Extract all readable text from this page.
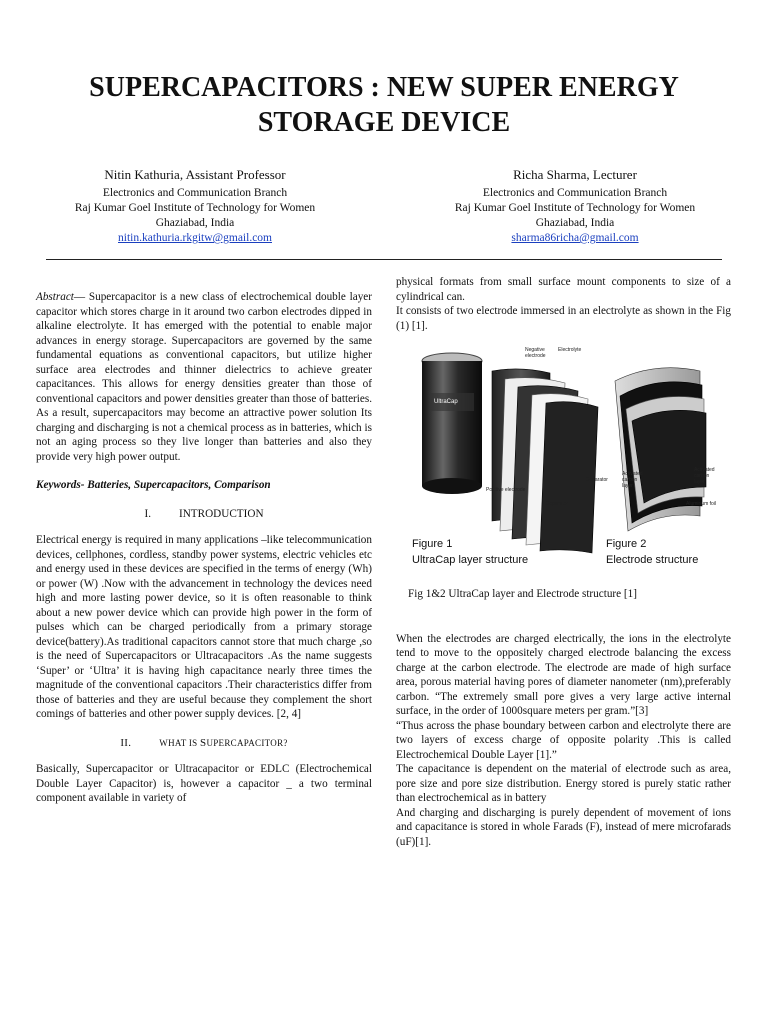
SUPERCAPACITORS : NEW SUPER ENERGY STORAGE DEVICE
Nitin Kathuria, Assistant Professor
Electronics and Communication Branch
Raj Kumar Goel Institute of Technology for Women
Ghaziabad, India
nitin.kathuria.rkgitw@gmail.com
Richa Sharma, Lecturer
Electronics and Communication Branch
Raj Kumar Goel Institute of Technology for Women
Ghaziabad, India
sharma86richa@gmail.com

Abstract— Supercapacitor is a new class of electrochemical double layer capacitor which stores charge in it around two carbon electrodes dipped in alkaline electrolyte. It has emerged with the potential to enable major advances in energy storage. Supercapacitors are governed by the same fundamental equations as conventional capacitors, but utilize higher surface area electrodes and thinner dielectrics to achieve greater capacitances. This allows for energy densities greater than those of conventional capacitors and power densities greater than those of batteries. As a result, supercapacitors may become an attractive power solution Its charging and discharging is not a chemical process as in batteries, which is not an aging process so they live longer than batteries and also they provide very high power output.

Keywords- Batteries, Supercapacitors, Comparison

I.	INTRODUCTION

Electrical energy is required in many applications –like telecommunication devices, cellphones, cordless, standby power systems, electric vehicles etc and energy used in these devices are specified in the terms of energy (Wh) or power (W) .Now with the advancement in technology the devices need high and more lasting power device, so it is often reasonable to think about a new power device which can provide high power in the form of pulses which can be charged periodically from a primary storage device(battery).As traditional capacitors cannot store that much charge ,so is the need of Supercapacitors or Ultracapacitors .As the name suggests ‘Super’ or ‘Ultra’ it is having high capacitance nearly three times the magnitude of the conventional capacitors .Their characteristics differ from those of batteries and they are useful because they complement the short comings of batteries and other power supply devices. [2, 4]

II.	WHAT IS SUPERCAPACITOR?

Basically, Supercapacitor or Ultracapacitor or EDLC (Electrochemical Double Layer Capacitor) is, however a capacitor _ a two terminal component available in variety of

physical formats from small surface mount components to size of a cylindrical can.

It consists of two electrode immersed in an electrolyte as shown in the Fig (1) [1].

Negative electrode
Electrolyte
Separator
Positive electrode
Separator
Activated carbon layer
Activated carbon layer
Aluminum foil
UltraCap
Figure 1
UltraCap layer structure
Figure 2
Electrode structure

Fig 1&2 UltraCap layer and Electrode structure [1]

When the electrodes are charged electrically, the ions in the electrolyte tend to move to the oppositely charged electrode balancing the excess charge at the carbon electrode. The electrode are made of high surface area, porous material having pores of diameter nanometer (nm),preferably carbon. “The extremely small pore gives a very large active internal surface, in the order of 1000square meters per gram.”[3]

“Thus across the phase boundary between carbon and electrolyte there are two layers of excess charge of opposite polarity .This is called Electrochemical Double Layer [1].”

The capacitance is dependent on the material of electrode such as area, pore size and pore size distribution. Energy stored is purely static rather than electrochemical as in battery

And charging and discharging is purely dependent of movement of ions and capacitance is stored in whole Farads (F), instead of mere microfarads (uF)[1].
